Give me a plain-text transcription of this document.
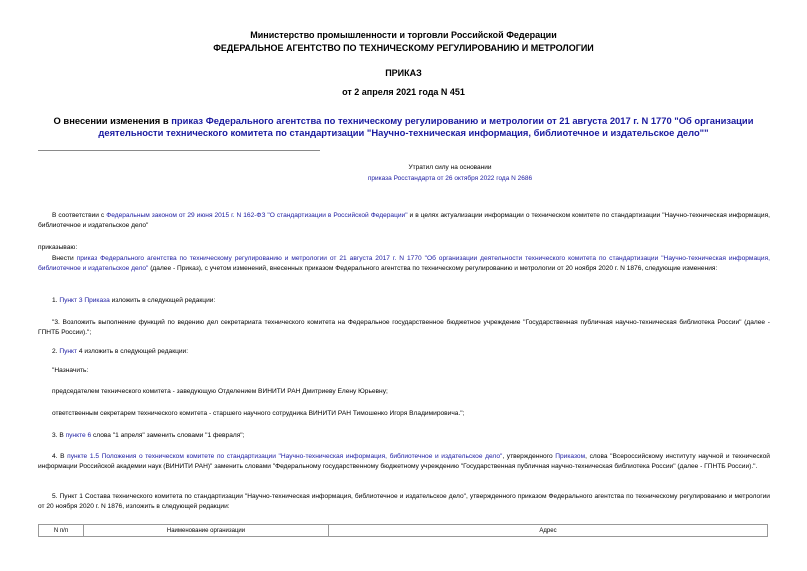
Министерство промышленности и торговли Российской Федерации
ФЕДЕРАЛЬНОЕ АГЕНТСТВО ПО ТЕХНИЧЕСКОМУ РЕГУЛИРОВАНИЮ И МЕТРОЛОГИИ
ПРИКАЗ
от 2 апреля 2021 года N 451
О внесении изменения в приказ Федерального агентства по техническому регулированию и метрологии от 21 августа 2017 г. N 1770 "Об организации деятельности технического комитета по стандартизации "Научно-техническая информация, библиотечное и издательское дело""
Утратил силу на основании
приказа Росстандарта от 26 октября 2022 года N 2686
В соответствии с Федеральным законом от 29 июня 2015 г. N 162-ФЗ "О стандартизации в Российской Федерации" и в целях актуализации информации о техническом комитете по стандартизации "Научно-техническая информация, библиотечное и издательское дело"
приказываю:
Внести приказ Федерального агентства по техническому регулированию и метрологии от 21 августа 2017 г. N 1770 "Об организации деятельности технического комитета по стандартизации "Научно-техническая информация, библиотечное и издательское дело" (далее - Приказ), с учетом изменений, внесенных приказом Федерального агентства по техническому регулированию и метрологии от 20 ноября 2020 г. N 1876, следующие изменения:
1. Пункт 3 Приказа изложить в следующей редакции:
"3. Возложить выполнение функций по ведению дел секретариата технического комитета на Федеральное государственное бюджетное учреждение "Государственная публичная научно-техническая библиотека России" (далее - ГПНТБ России).";
2. Пункт 4 изложить в следующей редакции:
"Назначить:
председателем технического комитета - заведующую Отделением ВИНИТИ РАН Дмитриеву Елену Юрьевну;
ответственным секретарем технического комитета - старшего научного сотрудника ВИНИТИ РАН Тимошенко Игоря Владимировича.";
3. В пункте 6 слова "1 апреля" заменить словами "1 февраля";
4. В пункте 1.5 Положения о техническом комитете по стандартизации "Научно-техническая информация, библиотечное и издательское дело", утвержденного Приказом, слова "Всероссийскому институту научной и технической информации Российской академии наук (ВИНИТИ РАН)" заменить словами "Федеральному государственному бюджетному учреждению "Государственная публичная научно-техническая библиотека России" (далее - ГПНТБ России).".
5. Пункт 1 Состава технического комитета по стандартизации "Научно-техническая информация, библиотечное и издательское дело", утвержденного приказом Федерального агентства по техническому регулированию и метрологии от 20 ноября 2020 г. N 1876, изложить в следующей редакции:
N п/п	Наименование организации	Адрес
